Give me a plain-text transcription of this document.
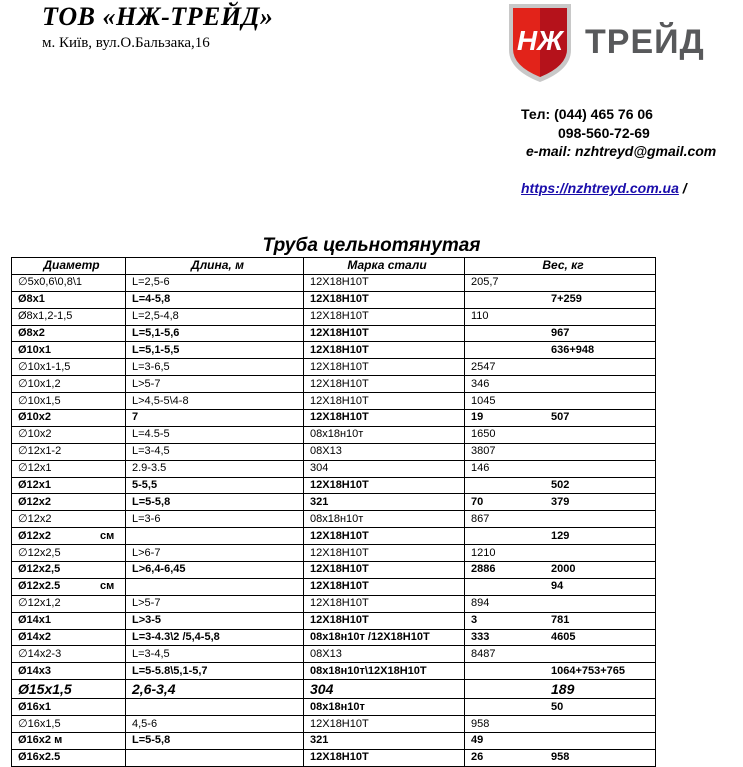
ТОВ «НЖ-ТРЕЙД»
м. Київ, вул.О.Бальзака,16	НЖ ТРЕЙД
Тел: (044) 465 76 06
098-560-72-69
e-mail: nzhtreyd@gmail.com
https://nzhtreyd.com.ua /
Труба цельнотянутая
Диаметр	Длина, м	Марка стали	Вес, кг
∅5x0,6\0,8\1	L=2,5-6	12X18H10T	205,7
Ø8x1	L=4-5,8	12X18H10T	7+259
Ø8x1,2-1,5	L=2,5-4,8	12X18H10T	110
Ø8x2	L=5,1-5,6	12X18H10T	967
Ø10x1	L=5,1-5,5	12X18H10T	636+948
∅10x1-1,5	L=3-6,5	12X18H10T	2547
∅10x1,2	L>5-7	12X18H10T	346
∅10x1,5	L>4,5-5\4-8	12X18H10T	1045
Ø10x2	7	12X18H10T	19 507
∅10x2	L=4.5-5	08x18н10т	1650
∅12x1-2	L=3-4,5	08X13	3807
∅12x1	2.9-3.5	304	146
Ø12x1	5-5,5	12X18H10T	502
Ø12x2	L=5-5,8	321	70 379
∅12x2	L=3-6	08x18н10т	867
Ø12x2 см		12X18H10T	129
∅12x2,5	L>6-7	12X18H10T	1210
Ø12x2,5	L>6,4-6,45	12X18H10T	2886 2000
Ø12x2.5 см		12X18H10T	94
∅12x1,2	L>5-7	12X18H10T	894
Ø14x1	L>3-5	12X18H10T	3 781
Ø14x2	L=3-4.3\2 /5,4-5,8	08x18н10т /12X18H10T	333 4605
∅14x2-3	L=3-4,5	08X13	8487
Ø14x3	L=5-5.8\5,1-5,7	08x18н10т\12X18H10T	1064+753+765
Ø15x1,5	2,6-3,4	304	189
Ø16x1		08x18н10т	50
∅16x1,5	4,5-6	12X18H10T	958
Ø16x2 м	L=5-5,8	321	49
Ø16x2.5		12X18H10T	26 958
